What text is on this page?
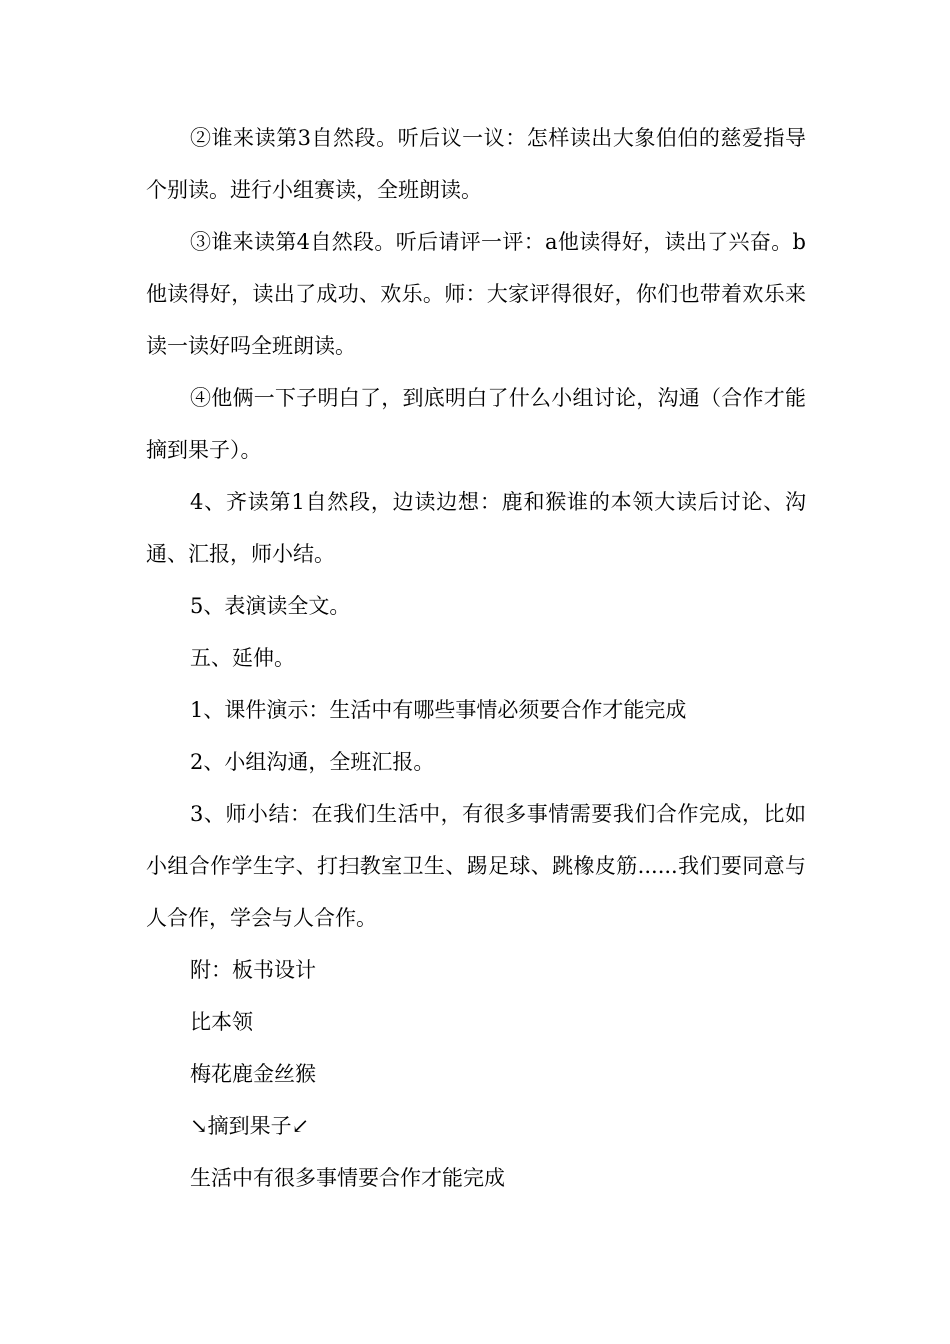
②谁来读第3自然段。听后议一议：怎样读出大象伯伯的慈爱指导个别读。进行小组赛读，全班朗读。

③谁来读第4自然段。听后请评一评：a他读得好，读出了兴奋。b他读得好，读出了成功、欢乐。师：大家评得很好，你们也带着欢乐来读一读好吗全班朗读。

④他俩一下子明白了，到底明白了什么小组讨论，沟通（合作才能摘到果子）。

4、齐读第1自然段，边读边想：鹿和猴谁的本领大读后讨论、沟通、汇报，师小结。

5、表演读全文。

五、延伸。

1、课件演示：生活中有哪些事情必须要合作才能完成

2、小组沟通，全班汇报。

3、师小结：在我们生活中，有很多事情需要我们合作完成，比如小组合作学生字、打扫教室卫生、踢足球、跳橡皮筋......我们要同意与人合作，学会与人合作。

附：板书设计

比本领

梅花鹿金丝猴

↘摘到果子↙

生活中有很多事情要合作才能完成
